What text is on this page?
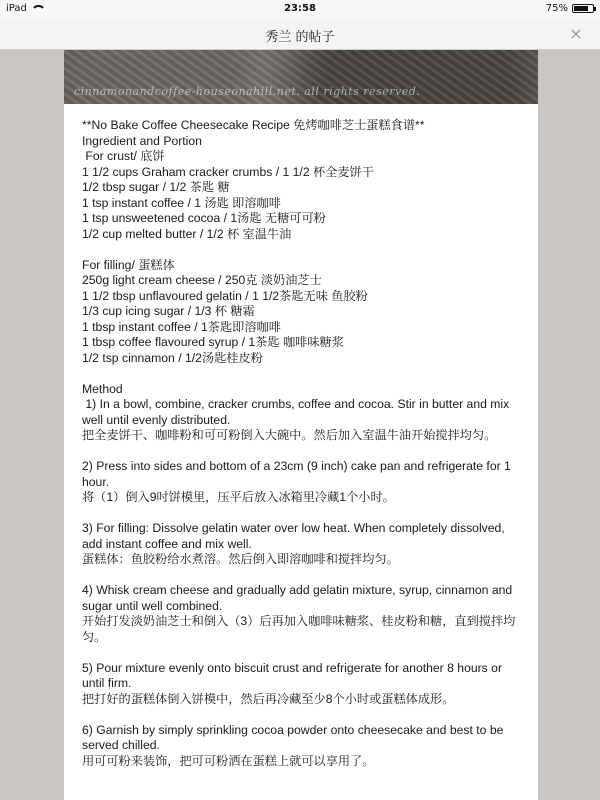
iPad	23:58	75%
秀兰 的帖子	×
cinnamonandcoffee-houseonahill.net. all rights reserved.
**No Bake Coffee Cheesecake Recipe 免烤咖啡芝士蛋糕食谱**
Ingredient and Portion
For crust/ 底饼
1 1/2 cups Graham cracker crumbs / 1 1/2 杯全麦饼干
1/2 tbsp sugar / 1/2 茶匙 糖
1 tsp instant coffee / 1 汤匙 即溶咖啡
1 tsp unsweetened cocoa / 1汤匙 无糖可可粉
1/2 cup melted butter / 1/2 杯 室温牛油
For filling/ 蛋糕体
250g light cream cheese / 250克 淡奶油芝士
1 1/2 tbsp unflavoured gelatin / 1 1/2茶匙无味 鱼胶粉
1/3 cup icing sugar / 1/3 杯 糖霜
1 tbsp instant coffee / 1茶匙即溶咖啡
1 tbsp coffee flavoured syrup / 1茶匙 咖啡味糖浆
1/2 tsp cinnamon / 1/2汤匙桂皮粉
Method
1) In a bowl, combine, cracker crumbs, coffee and cocoa. Stir in butter and mix well until evenly distributed.
把全麦饼干、咖啡粉和可可粉倒入大碗中。然后加入室温牛油开始搅拌均匀。
2) Press into sides and bottom of a 23cm (9 inch) cake pan and refrigerate for 1 hour.
将（1）倒入9吋饼模里，压平后放入冰箱里冷藏1个小时。
3) For filling: Dissolve gelatin water over low heat. When completely dissolved, add instant coffee and mix well.
蛋糕体：鱼胶粉给水煮溶。然后倒入即溶咖啡和搅拌均匀。
4) Whisk cream cheese and gradually add gelatin mixture, syrup, cinnamon and sugar until well combined.
开始打发淡奶油芝士和倒入（3）后再加入咖啡味糖浆、桂皮粉和糖，直到搅拌均匀。
5) Pour mixture evenly onto biscuit crust and refrigerate for another 8 hours or until firm.
把打好的蛋糕体倒入饼模中，然后再冷藏至少8个小时或蛋糕体成形。
6) Garnish by simply sprinkling cocoa powder onto cheesecake and best to be served chilled.
用可可粉来装饰，把可可粉洒在蛋糕上就可以享用了。
